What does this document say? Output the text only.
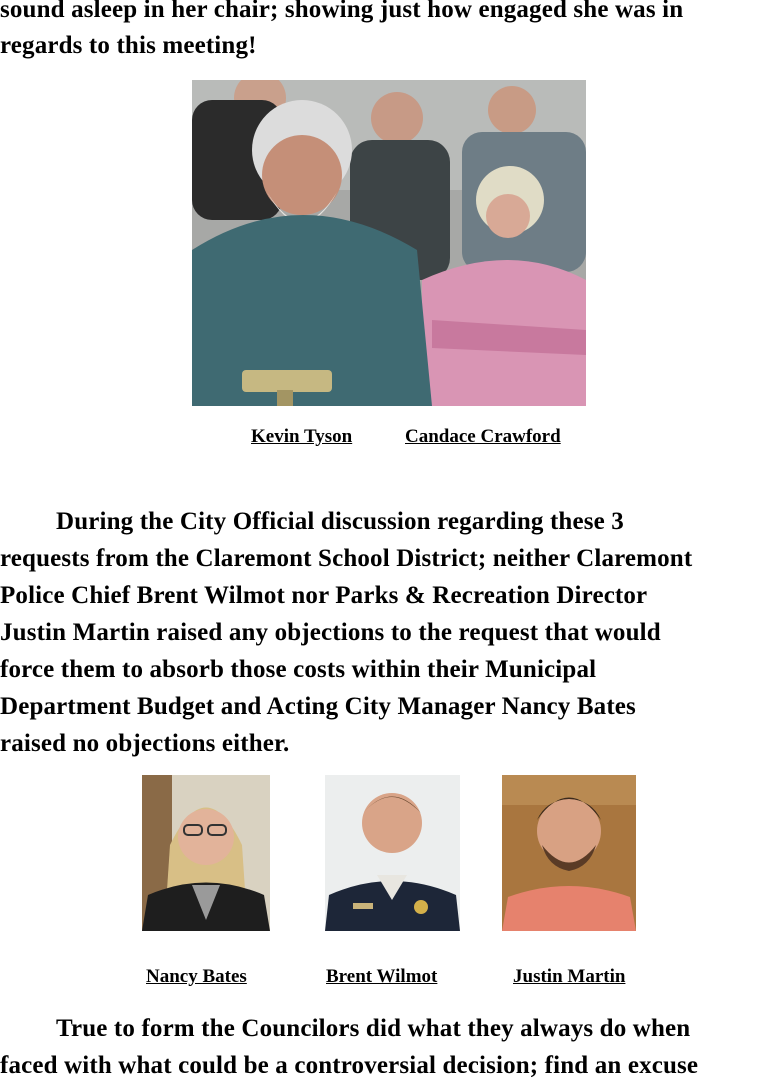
sound asleep in her chair; showing just how engaged she was in
regards to this meeting!
Kevin Tyson	Candace Crawford
During the City Official discussion regarding these 3
requests from the Claremont School District; neither Claremont
Police Chief Brent Wilmot nor Parks & Recreation Director
Justin Martin raised any objections to the request that would
force them to absorb those costs within their Municipal
Department Budget and Acting City Manager Nancy Bates
raised no objections either.
Nancy Bates	Brent Wilmot	Justin Martin
True to form the Councilors did what they always do when
faced with what could be a controversial decision; find an excuse
